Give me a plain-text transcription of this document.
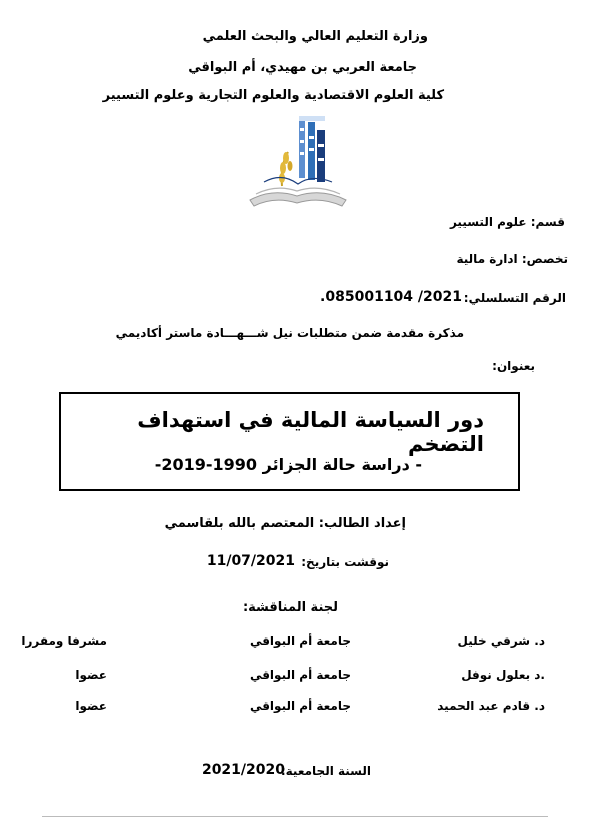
وزارة التعليم العالي والبحث العلمي
جامعة العربي بن مهيدي، أم البواقي
كلية العلوم الاقتصادية والعلوم التجارية وعلوم التسيير
قسم: علوم التسيير
تخصص: ادارة مالية
الرقم التسلسلي:
.085001104 /2021
مذكرة مقدمة ضمن متطلبات نيل شـــهـــادة ماستر أكاديمي
بعنوان:
دور السياسة المالية في استهداف التضخم
- دراسة حالة الجزائر 1990-2019-
إعداد الطالب: المعتصم بالله بلقاسمي
نوقشت بتاريخ:
11/07/2021
لجنة المناقشة:
د. شرقي خليل
جامعة أم البواقي
مشرفا ومقررا
.د بعلول نوفل
جامعة أم البواقي
عضوا
د. قادم عبد الحميد
جامعة أم البواقي
عضوا
السنة الجامعية:
2021/2020
